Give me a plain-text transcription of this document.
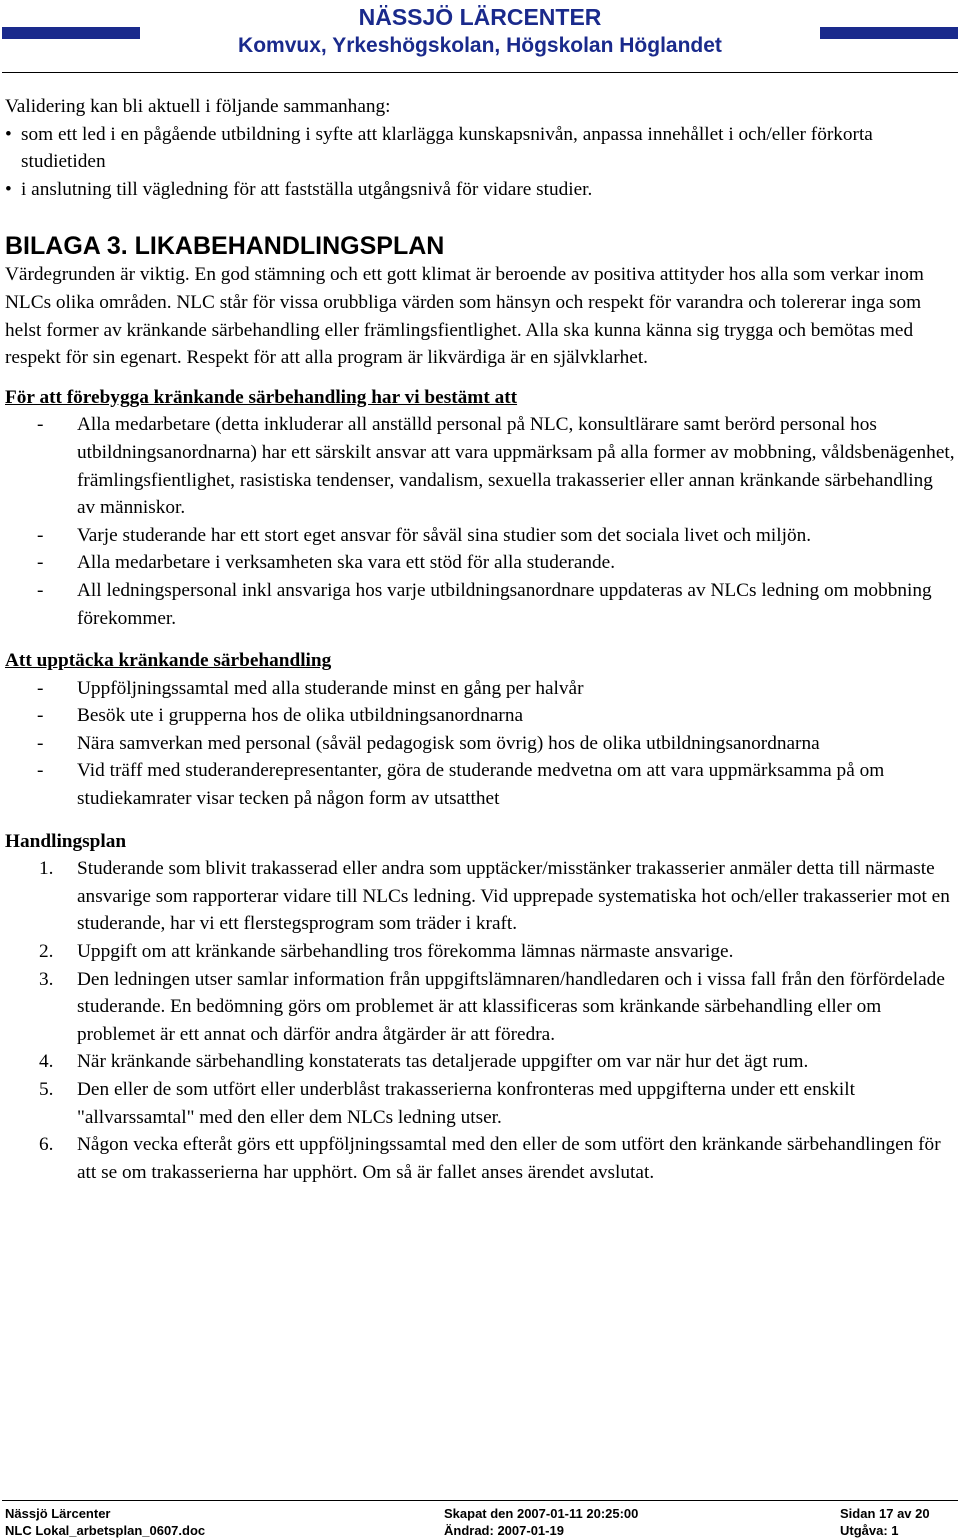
NÄSSJÖ LÄRCENTER
Komvux, Yrkeshögskolan, Högskolan Höglandet

Validering kan bli aktuell i följande sammanhang:

• som ett led i en pågående utbildning i syfte att klarlägga kunskapsnivån, anpassa innehållet i och/eller förkorta studietiden
• i anslutning till vägledning för att fastställa utgångsnivå för vidare studier.

BILAGA 3. LIKABEHANDLINGSPLAN

Värdegrunden är viktig. En god stämning och ett gott klimat är beroende av positiva attityder hos alla som verkar inom NLCs olika områden. NLC står för vissa orubbliga värden som hänsyn och respekt för varandra och tolererar inga som helst former av kränkande särbehandling eller främlingsfientlighet. Alla ska kunna känna sig trygga och bemötas med respekt för sin egenart. Respekt för att alla program är likvärdiga är en självklarhet.

För att förebygga kränkande särbehandling har vi bestämt att

-	Alla medarbetare (detta inkluderar all anställd personal på NLC, konsultlärare samt berörd personal hos utbildningsanordnarna) har ett särskilt ansvar att vara uppmärksam på alla former av mobbning, våldsbenägenhet, främlingsfientlighet, rasistiska tendenser, vandalism, sexuella trakasserier eller annan kränkande särbehandling av människor.
-	Varje studerande har ett stort eget ansvar för såväl sina studier som det sociala livet och miljön.
-	Alla medarbetare i verksamheten ska vara ett stöd för alla studerande.
-	All ledningspersonal inkl ansvariga hos varje utbildningsanordnare uppdateras av NLCs ledning om mobbning förekommer.

Att upptäcka kränkande särbehandling

-	Uppföljningssamtal med alla studerande minst en gång per halvår
-	Besök ute i grupperna hos de olika utbildningsanordnarna
-	Nära samverkan med personal (såväl pedagogisk som övrig) hos de olika utbildningsanordnarna
-	Vid träff med studeranderepresentanter, göra de studerande medvetna om att vara uppmärksamma på om studiekamrater visar tecken på någon form av utsatthet

Handlingsplan

1.	Studerande som blivit trakasserad eller andra som upptäcker/misstänker trakasserier anmäler detta till närmaste ansvarige som rapporterar vidare till NLCs ledning. Vid upprepade systematiska hot och/eller trakasserier mot en studerande, har vi ett flerstegsprogram som träder i kraft.
2.	Uppgift om att kränkande särbehandling tros förekomma lämnas närmaste ansvarige.
3.	Den ledningen utser samlar information från uppgiftslämnaren/handledaren och i vissa fall från den förfördelade studerande. En bedömning görs om problemet är att klassificeras som kränkande särbehandling eller om problemet är ett annat och därför andra åtgärder är att föredra.
4.	När kränkande särbehandling konstaterats tas detaljerade uppgifter om var när hur det ägt rum.
5.	Den eller de som utfört eller underblåst trakasserierna konfronteras med uppgifterna under ett enskilt "allvarssamtal" med den eller dem NLCs ledning utser.
6.	Någon vecka efteråt görs ett uppföljningssamtal med den eller de som utfört den kränkande särbehandlingen för att se om trakasserierna har upphört. Om så är fallet anses ärendet avslutat.
Nässjö Lärcenter
NLC Lokal_arbetsplan_0607.doc
Skapat den 2007-01-11 20:25:00
Ändrad: 2007-01-19
Sidan 17 av 20
Utgåva: 1
